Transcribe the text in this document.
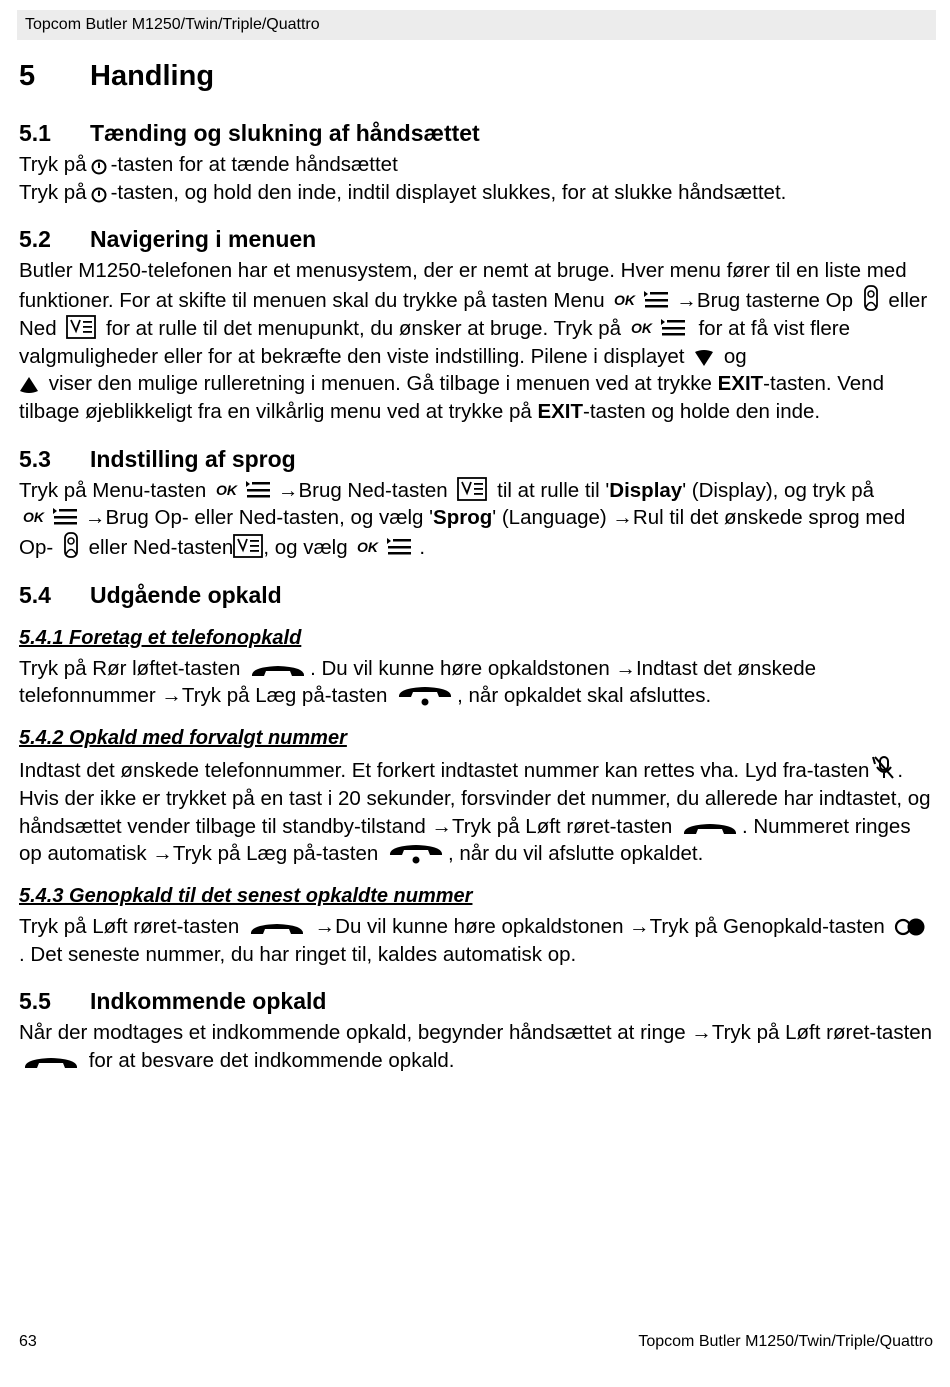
Topcom Butler M1250/Twin/Triple/Quattro
5 Handling
5.1 Tænding og slukning af håndsættet

Tryk på -tasten for at tænde håndsættet
Tryk på -tasten, og hold den inde, indtil displayet slukkes, for at slukke håndsættet.

5.2 Navigering i menuen

Butler M1250-telefonen har et menusystem, der er nemt at bruge. Hver menu fører til en liste med funktioner. For at skifte til menuen skal du trykke på tasten Menu OK →Brug tasterne Op eller Ned for at rulle til det menupunkt, du ønsker at bruge. Tryk på OK for at få vist flere valgmuligheder eller for at bekræfte den viste indstilling. Pilene i displayet og

viser den mulige rulleretning i menuen. Gå tilbage i menuen ved at trykke EXIT-tasten. Vend tilbage øjeblikkeligt fra en vilkårlig menu ved at trykke på EXIT-tasten og holde den inde.

5.3 Indstilling af sprog

Tryk på Menu-tasten OK →Brug Ned-tasten til at rulle til 'Display' (Display), og tryk på
OK →Brug Op- eller Ned-tasten, og vælg 'Sprog' (Language) →Rul til det ønskede sprog med Op- eller Ned-tasten , og vælg OK .

5.4 Udgående opkald
5.4.1 Foretag et telefonopkald

Tryk på Rør løftet-tasten	. Du vil kunne høre opkaldstonen →Indtast det ønskede telefonnummer →Tryk på Læg på-tasten	, når opkaldet skal afsluttes.

5.4.2 Opkald med forvalgt nummer

Indtast det ønskede telefonnummer. Et forkert indtastet nummer kan rettes vha. Lyd fra-tasten . Hvis der ikke er trykket på en tast i 20 sekunder, forsvinder det nummer, du allerede har indtastet, og håndsættet vender tilbage til standby-tilstand →Tryk på Løft røret-tasten	. Nummeret ringes op automatisk →Tryk på Læg på-tasten	, når du vil afslutte opkaldet.

5.4.3 Genopkald til det senest opkaldte nummer

Tryk på Løft røret-tasten	→Du vil kunne høre opkaldstonen →Tryk på Genopkald-tasten
. Det seneste nummer, du har ringet til, kaldes automatisk op.

5.5 Indkommende opkald

Når der modtages et indkommende opkald, begynder håndsættet at ringe →Tryk på Løft røret-tasten
for at besvare det indkommende opkald.

63	Topcom Butler M1250/Twin/Triple/Quattro
